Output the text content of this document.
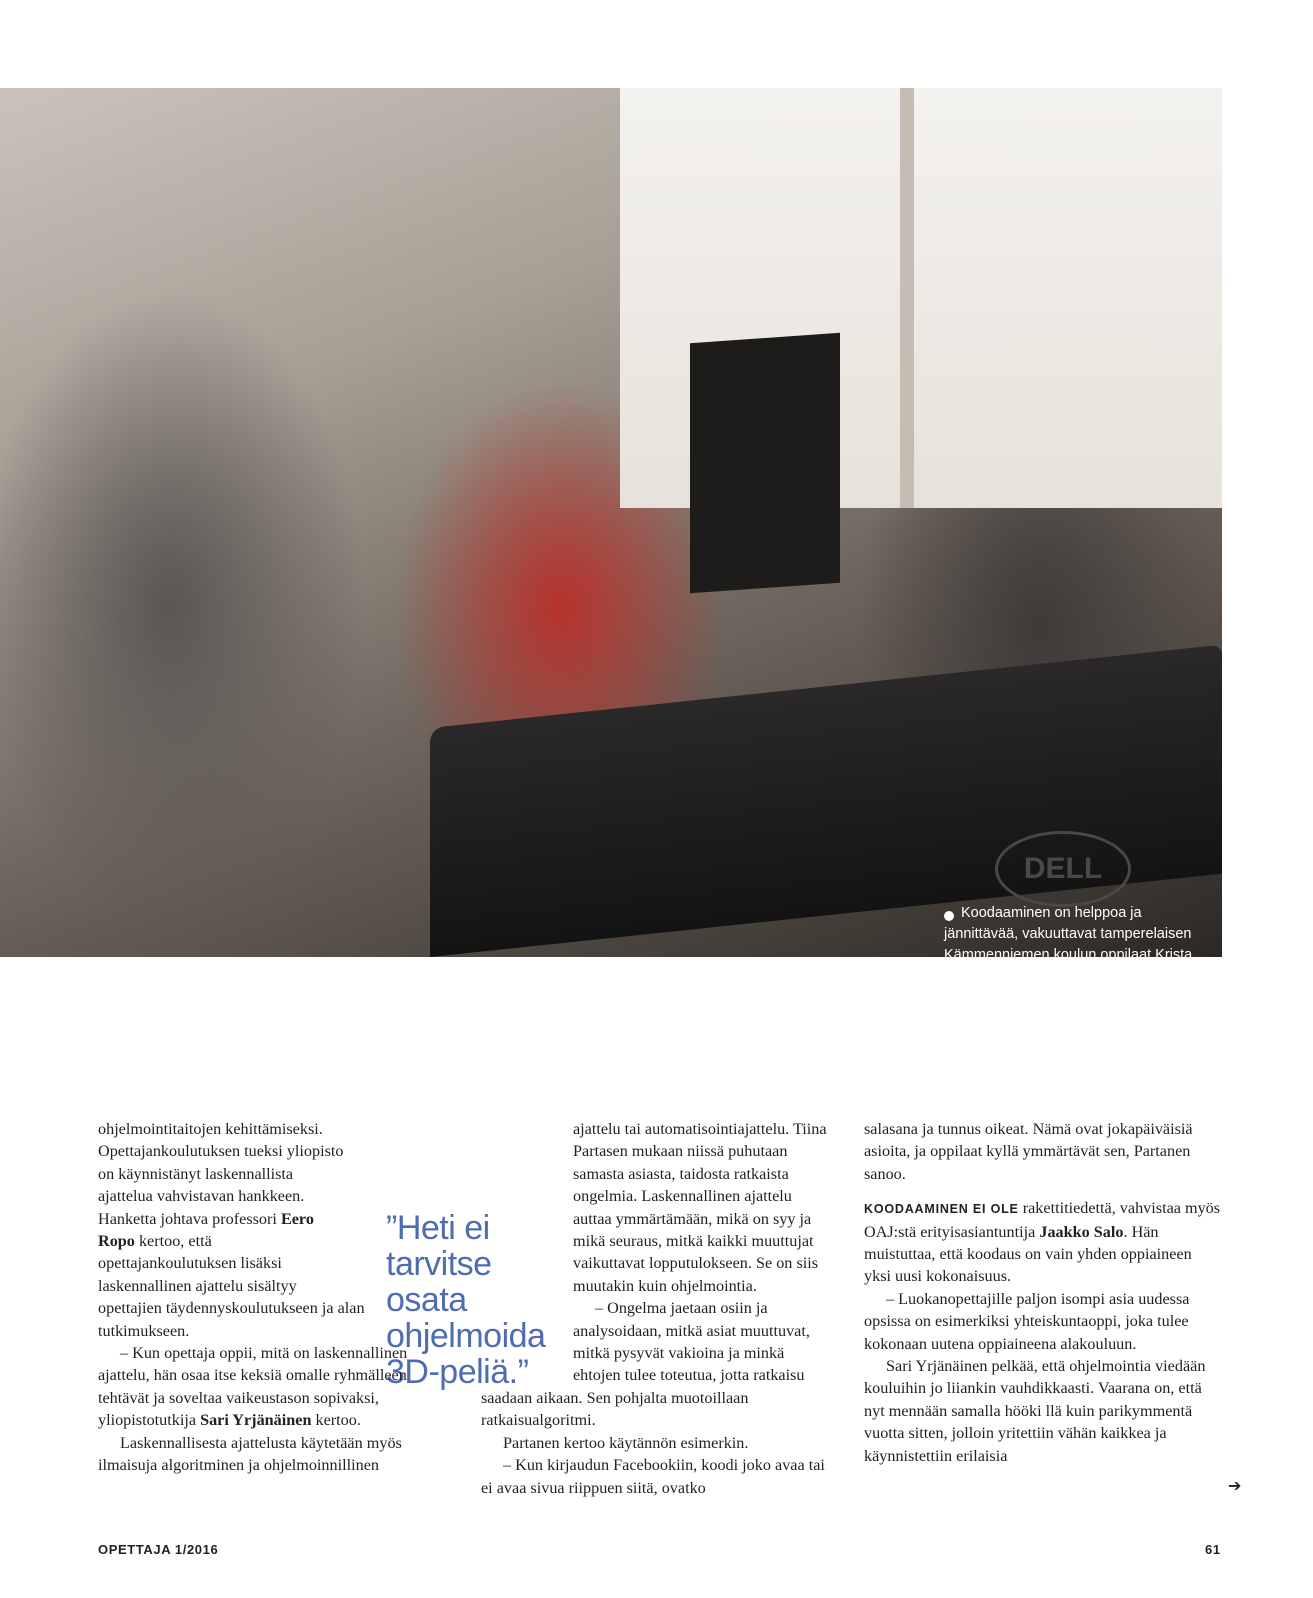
DELL

Koodaaminen on helppoa ja jännittävää, vakuuttavat tamperelaisen Kämmenniemen koulun oppilaat Krista Mätäsniemi, Anni Heikkilä ja Mirka Miikkulainen sekä opettaja Tiina Partanen.

”Heti ei tarvitse osata ohjelmoida 3D-peliä.”

ohjelmointitaitojen kehittämiseksi. Opettajankoulutuksen tueksi yliopisto on käynnistänyt laskennallista ajattelua vahvistavan hankkeen. Hanketta johtava professori Eero Ropo kertoo, että opettajankoulutuksen lisäksi laskennallinen ajattelu sisältyy opettajien täydennyskoulutukseen ja alan tutkimukseen.

– Kun opettaja oppii, mitä on laskennallinen ajattelu, hän osaa itse keksiä omalle ryhmälleen tehtävät ja soveltaa vaikeustason sopivaksi, yliopistotutkija Sari Yrjänäinen kertoo.

Laskennallisesta ajattelusta käytetään myös ilmaisuja algoritminen ja ohjelmoinnillinen

ajattelu tai automatisointiajattelu. Tiina Partasen mukaan niissä puhutaan samasta asiasta, taidosta ratkaista ongelmia. Laskennallinen ajattelu auttaa ymmärtämään, mikä on syy ja mikä seuraus, mitkä kaikki muuttujat vaikuttavat lopputulokseen. Se on siis muutakin kuin ohjelmointia.

– Ongelma jaetaan osiin ja analysoidaan, mitkä asiat muuttuvat, mitkä pysyvät vakioina ja minkä ehtojen tulee toteutua, jotta ratkaisu saadaan aikaan. Sen pohjalta muotoillaan ratkaisualgoritmi.

Partanen kertoo käytännön esimerkin.

– Kun kirjaudun Facebookiin, koodi joko avaa tai ei avaa sivua riippuen siitä, ovatko

salasana ja tunnus oikeat. Nämä ovat jokapäiväisiä asioita, ja oppilaat kyllä ymmärtävät sen, Partanen sanoo.

KOODAAMINEN EI OLE rakettitiedettä, vahvistaa myös OAJ:stä erityisasiantuntija Jaakko Salo. Hän muistuttaa, että koodaus on vain yhden oppiaineen yksi uusi kokonaisuus.

– Luokanopettajille paljon isompi asia uudessa opsissa on esimerkiksi yhteiskuntaoppi, joka tulee kokonaan uutena oppiaineena alakouluun.

Sari Yrjänäinen pelkää, että ohjelmointia viedään kouluihin jo liiankin vauhdikkaasti. Vaarana on, että nyt mennään samalla hööki llä kuin parikymmentä vuotta sitten, jolloin yritettiin vähän kaikkea ja käynnistettiin erilaisia

➔
OPETTAJA 1/2016	61
